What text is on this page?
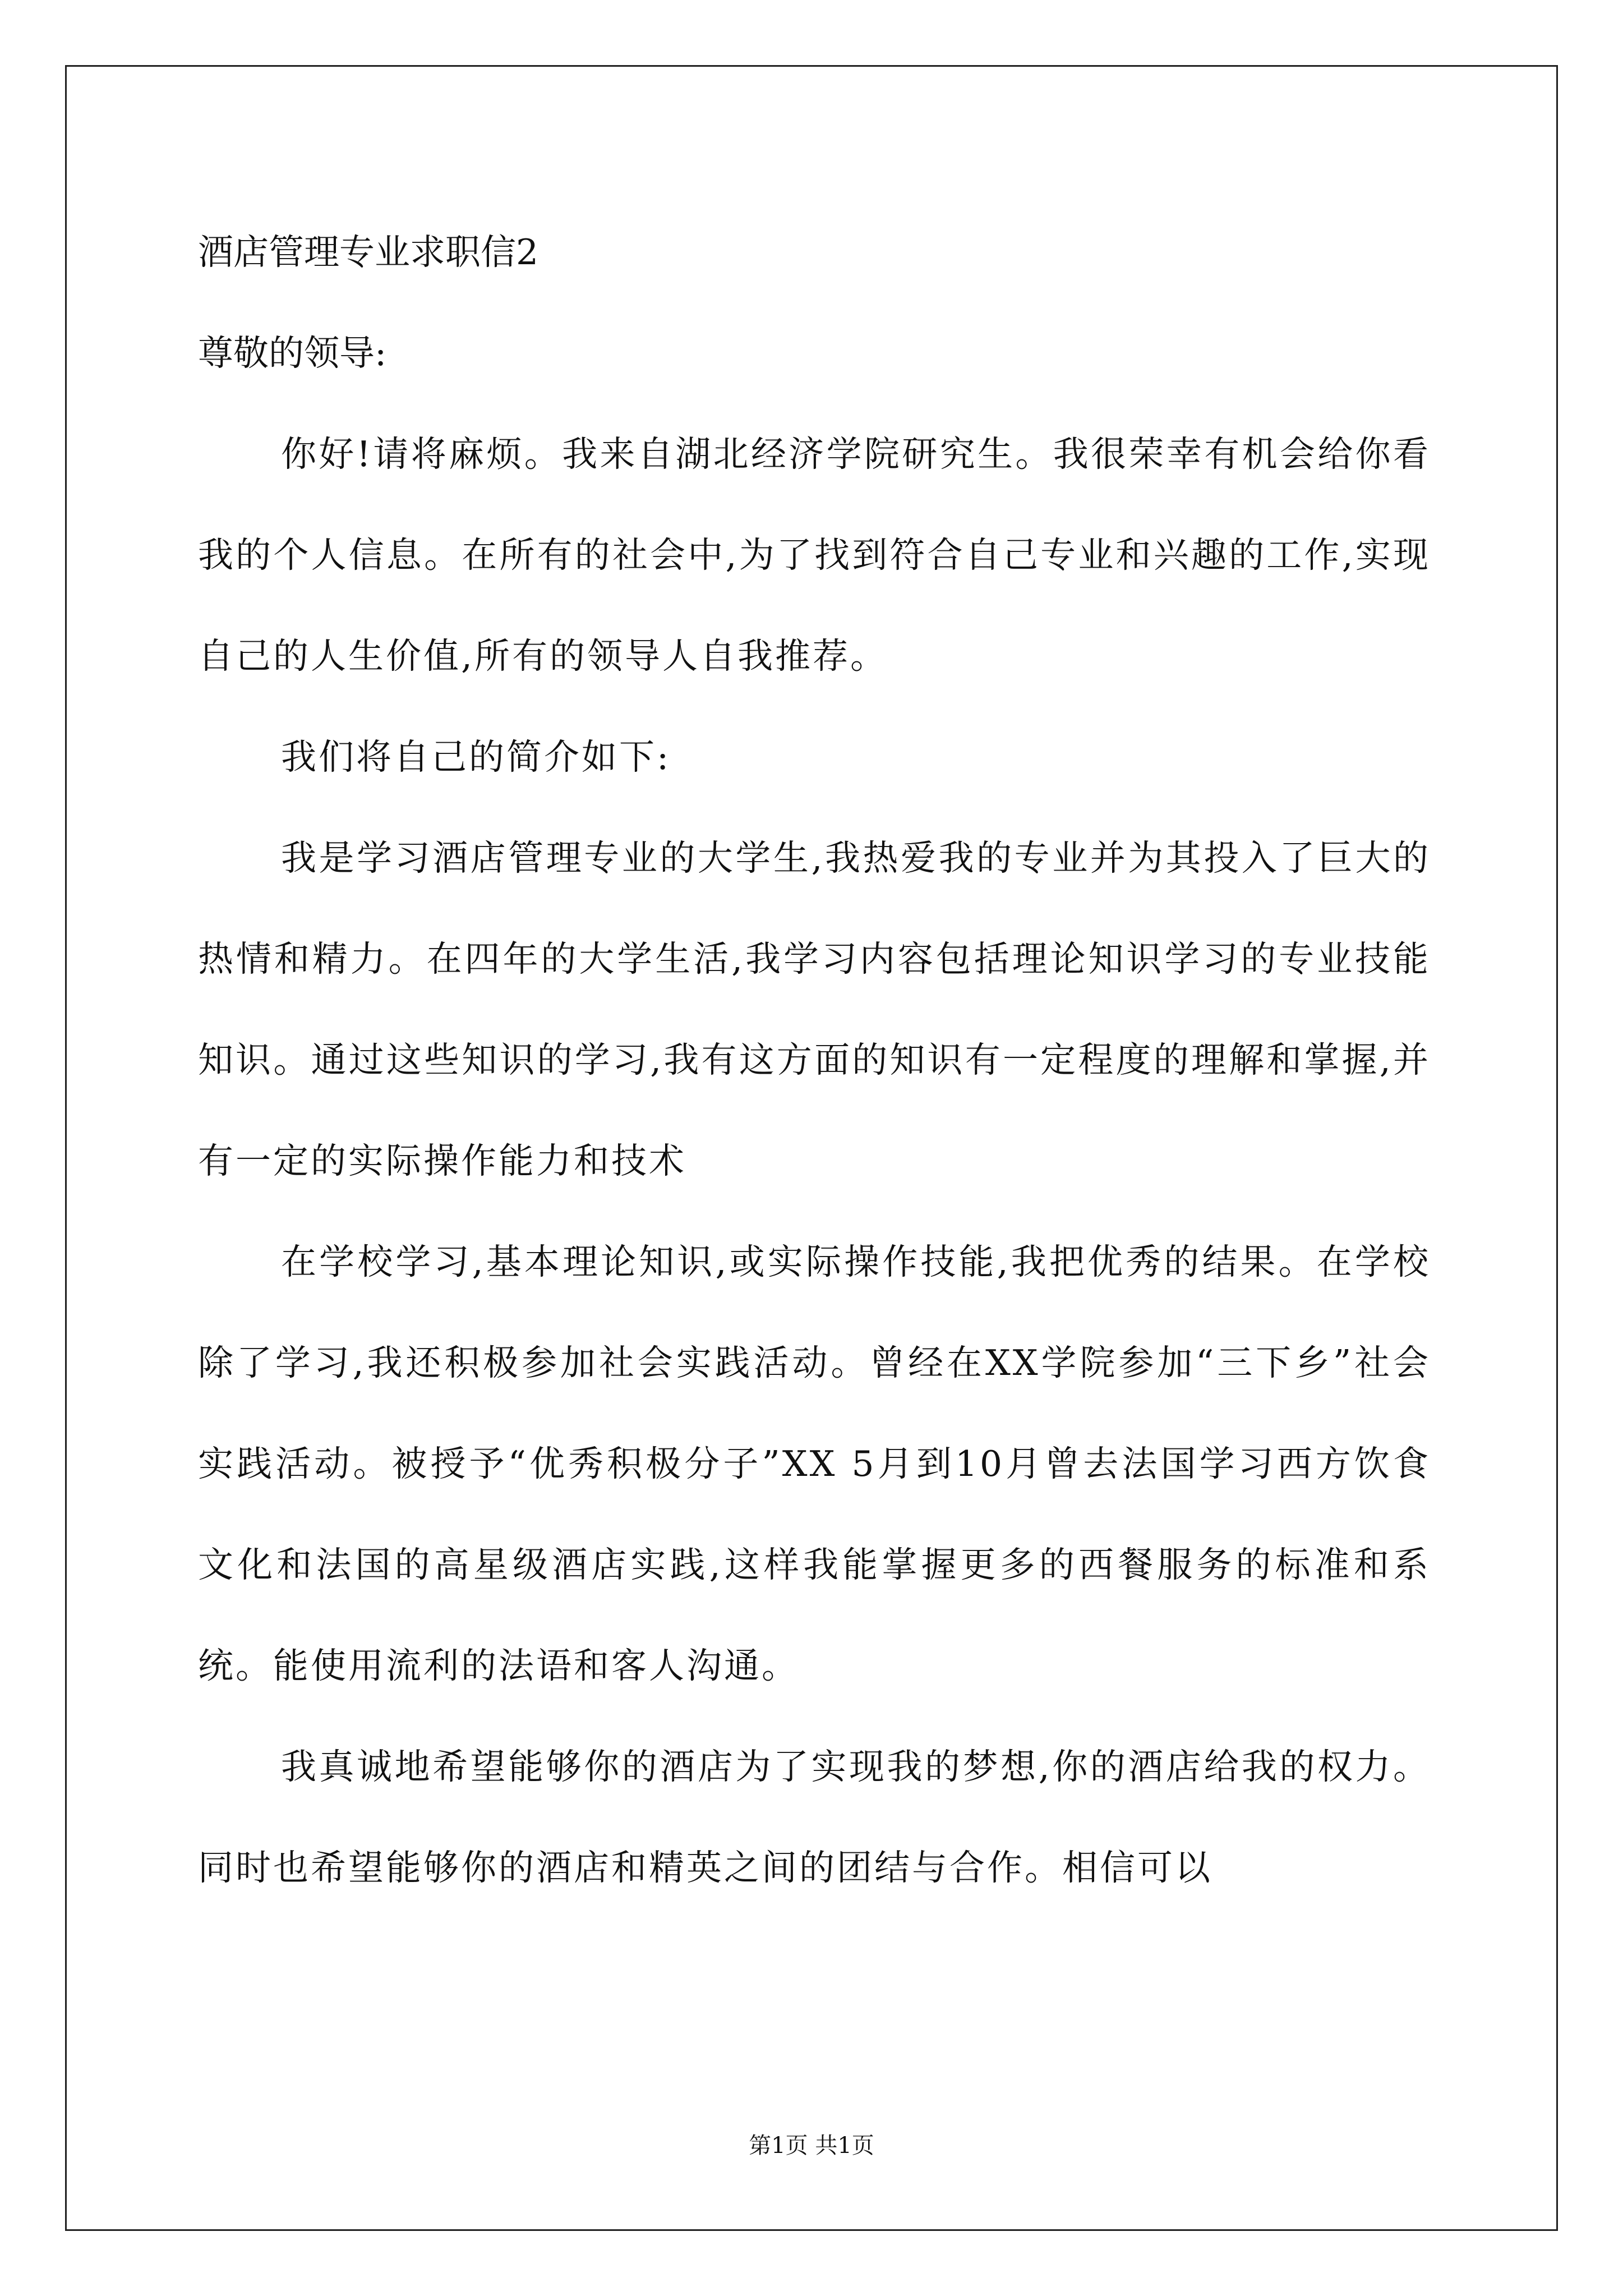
酒店管理专业求职信2

尊敬的领导:

你好!请将麻烦。我来自湖北经济学院研究生。我很荣幸有机会给你看我的个人信息。在所有的社会中,为了找到符合自己专业和兴趣的工作,实现自己的人生价值,所有的领导人自我推荐。

我们将自己的简介如下:

我是学习酒店管理专业的大学生,我热爱我的专业并为其投入了巨大的热情和精力。在四年的大学生活,我学习内容包括理论知识学习的专业技能知识。通过这些知识的学习,我有这方面的知识有一定程度的理解和掌握,并有一定的实际操作能力和技术

在学校学习,基本理论知识,或实际操作技能,我把优秀的结果。在学校除了学习,我还积极参加社会实践活动。曾经在XX学院参加“三下乡”社会实践活动。被授予“优秀积极分子”XX 5月到10月曾去法国学习西方饮食文化和法国的高星级酒店实践,这样我能掌握更多的西餐服务的标准和系统。能使用流利的法语和客人沟通。

我真诚地希望能够你的酒店为了实现我的梦想,你的酒店给我的权力。同时也希望能够你的酒店和精英之间的团结与合作。相信可以

第1页 共1页
